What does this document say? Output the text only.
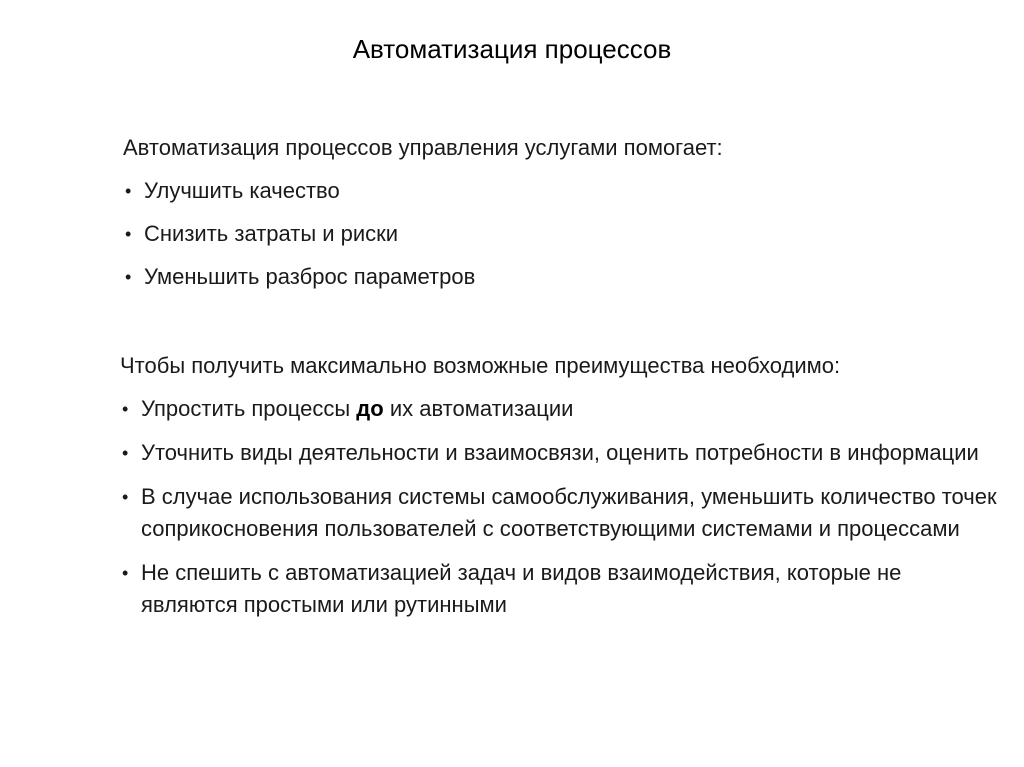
Автоматизация процессов

Автоматизация процессов управления услугами помогает:

• Улучшить качество
• Снизить затраты и риски
• Уменьшить разброс параметров

Чтобы получить максимально возможные преимущества необходимо:

• Упростить процессы до их автоматизации
• Уточнить виды деятельности и взаимосвязи, оценить потребности в информации
• В случае использования системы самообслуживания, уменьшить количество точек соприкосновения пользователей с соответствующими системами и процессами
• Не спешить с автоматизацией задач и видов взаимодействия, которые не являются простыми или рутинными
